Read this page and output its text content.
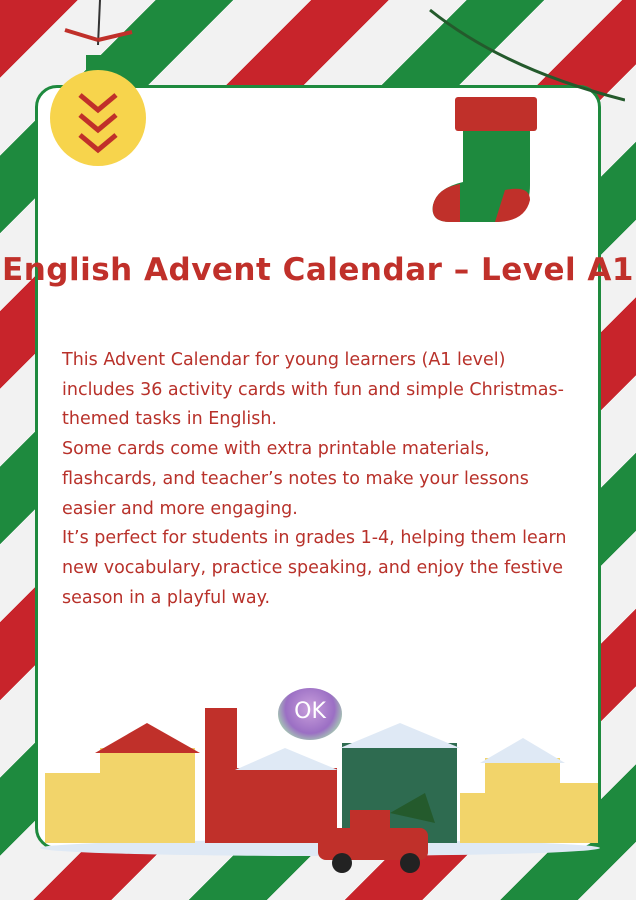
English Advent Calendar – Level A1

This Advent Calendar for young learners (A1 level) includes 36 activity cards with fun and simple Christmas-themed tasks in English.

Some cards come with extra printable materials, flashcards, and teacher’s notes to make your lessons easier and more engaging.

It’s perfect for students in grades 1-4, helping them learn new vocabulary, practice speaking, and enjoy the festive season in a playful way.

OK
